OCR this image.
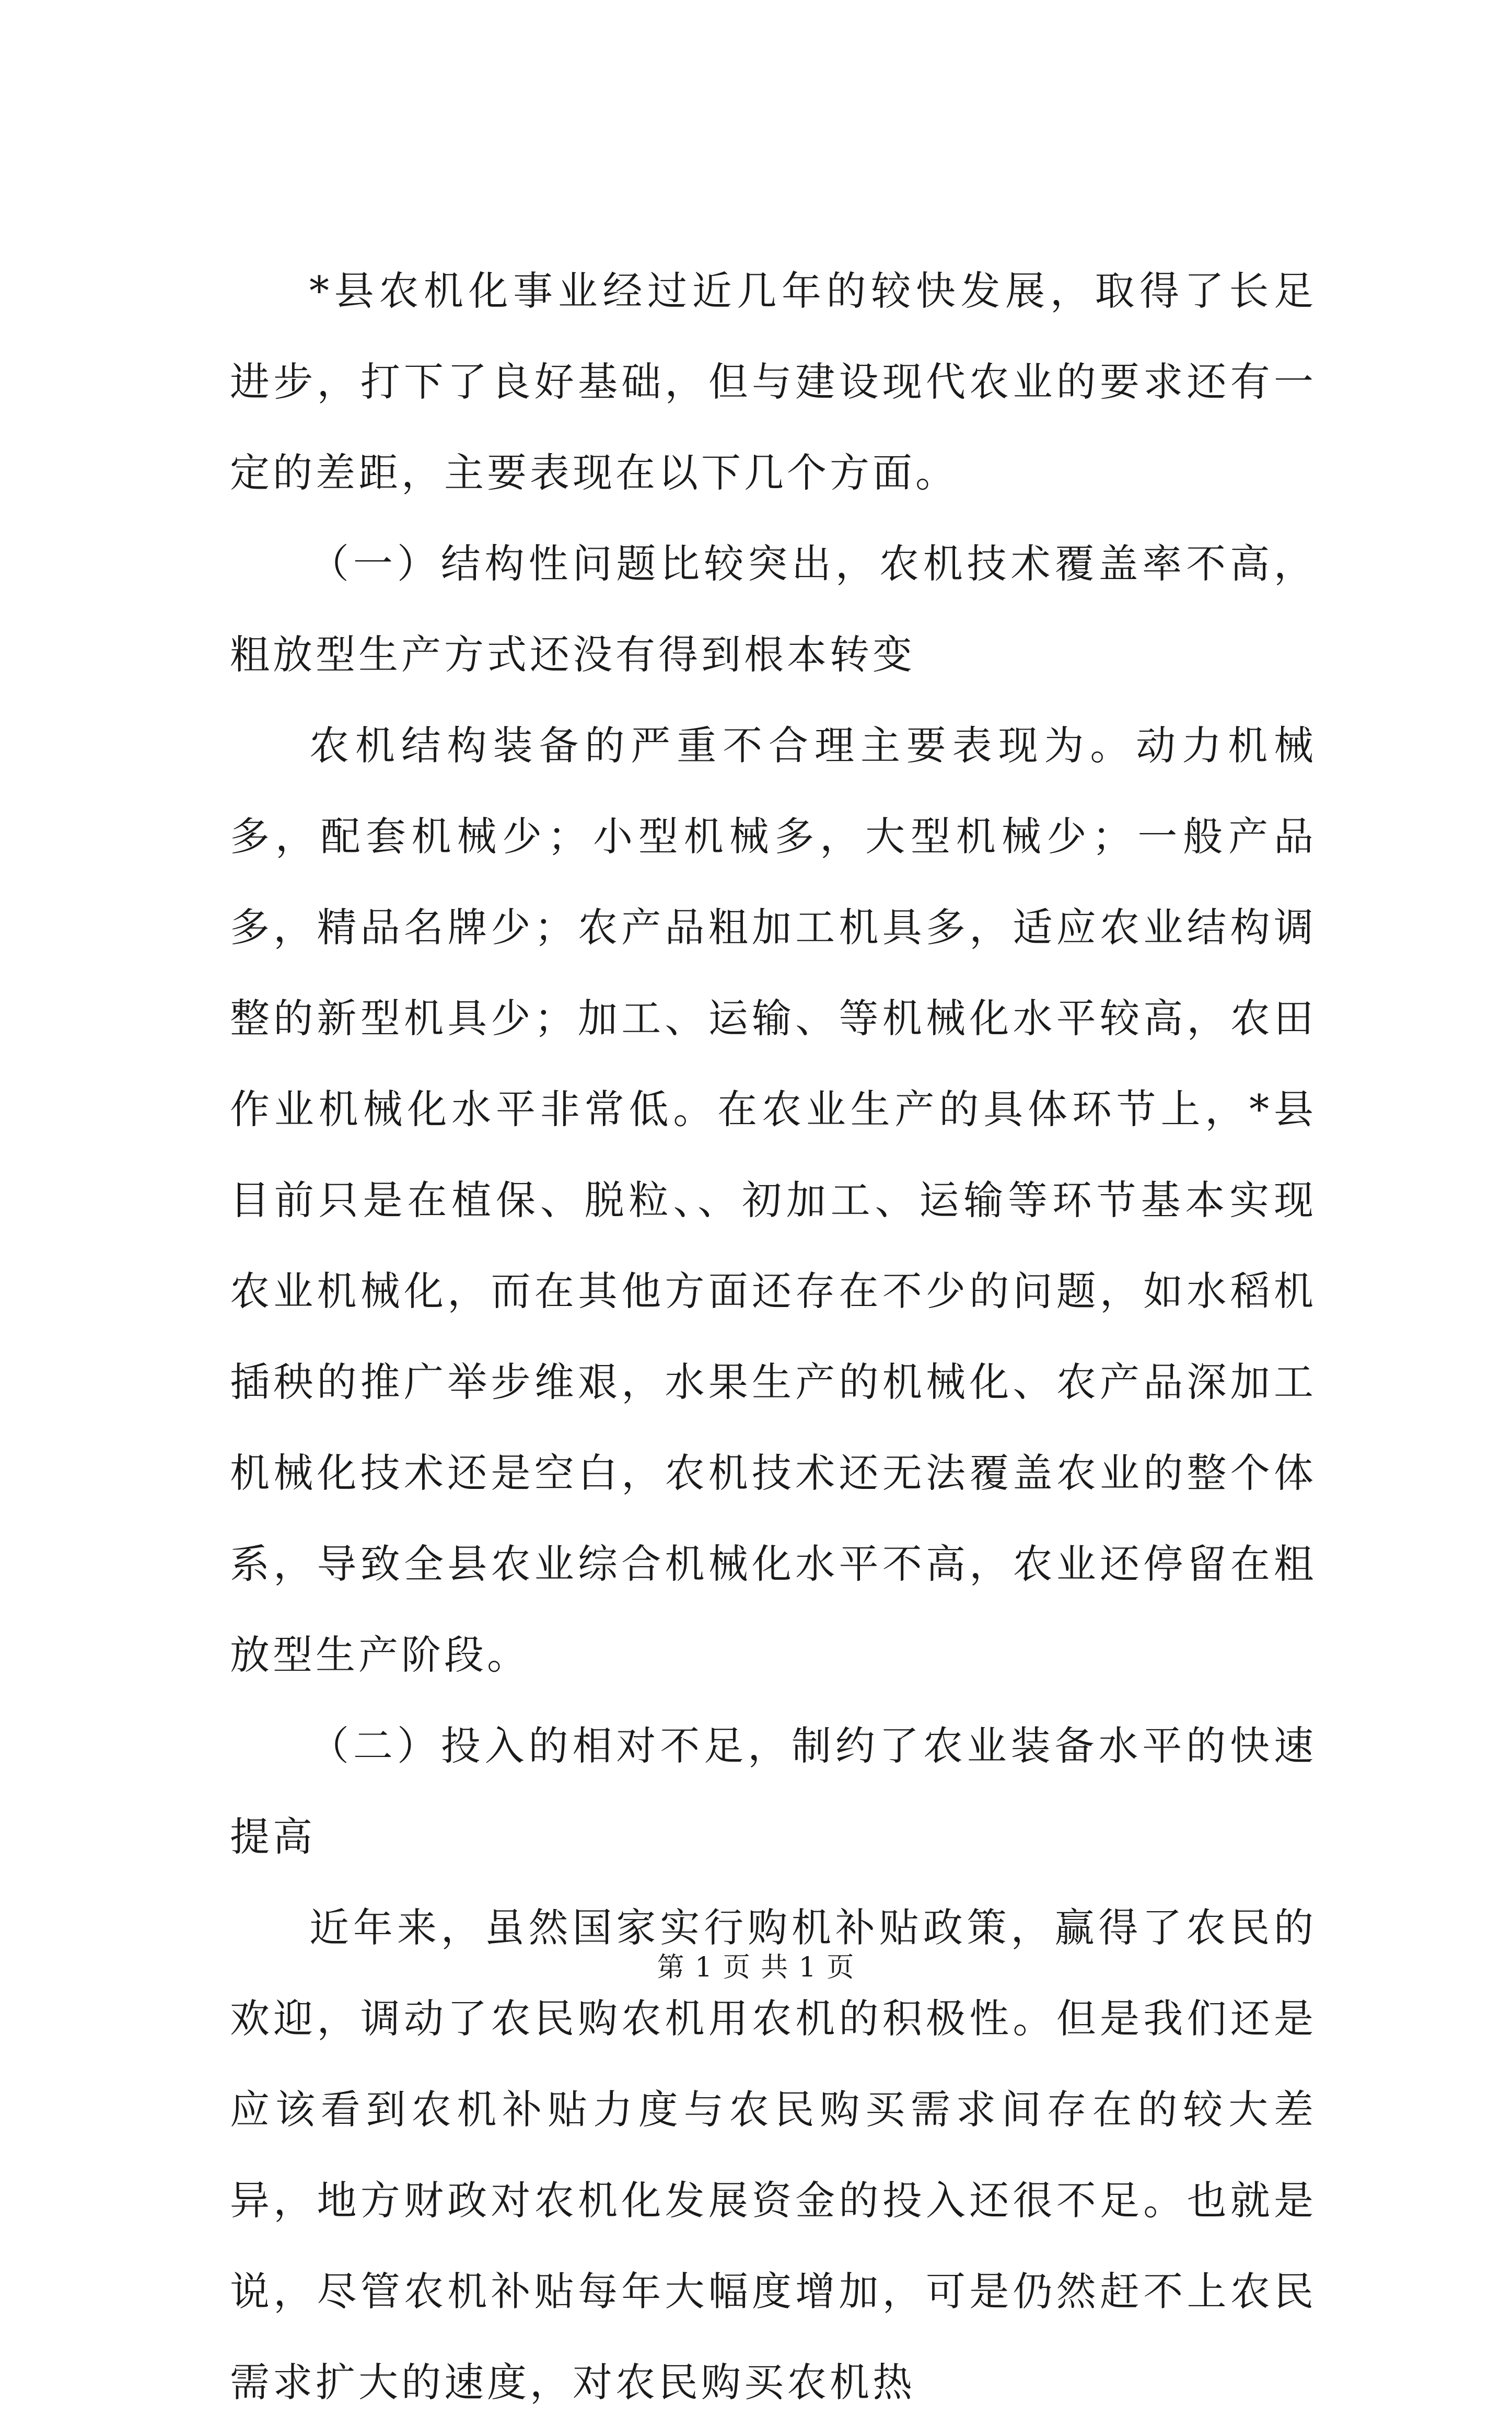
*县农机化事业经过近几年的较快发展，取得了长足进步，打下了良好基础，但与建设现代农业的要求还有一定的差距，主要表现在以下几个方面。

（一）结构性问题比较突出，农机技术覆盖率不高，粗放型生产方式还没有得到根本转变

农机结构装备的严重不合理主要表现为。动力机械多，配套机械少；小型机械多，大型机械少；一般产品多，精品名牌少；农产品粗加工机具多，适应农业结构调整的新型机具少；加工、运输、等机械化水平较高，农田作业机械化水平非常低。在农业生产的具体环节上，*县目前只是在植保、脱粒、、初加工、运输等环节基本实现农业机械化，而在其他方面还存在不少的问题，如水稻机插秧的推广举步维艰，水果生产的机械化、农产品深加工机械化技术还是空白，农机技术还无法覆盖农业的整个体系，导致全县农业综合机械化水平不高，农业还停留在粗放型生产阶段。

（二）投入的相对不足，制约了农业装备水平的快速提高

近年来，虽然国家实行购机补贴政策，赢得了农民的欢迎，调动了农民购农机用农机的积极性。但是我们还是应该看到农机补贴力度与农民购买需求间存在的较大差异，地方财政对农机化发展资金的投入还很不足。也就是说，尽管农机补贴每年大幅度增加，可是仍然赶不上农民需求扩大的速度，对农民购买农机热

第 1 页 共 1 页
